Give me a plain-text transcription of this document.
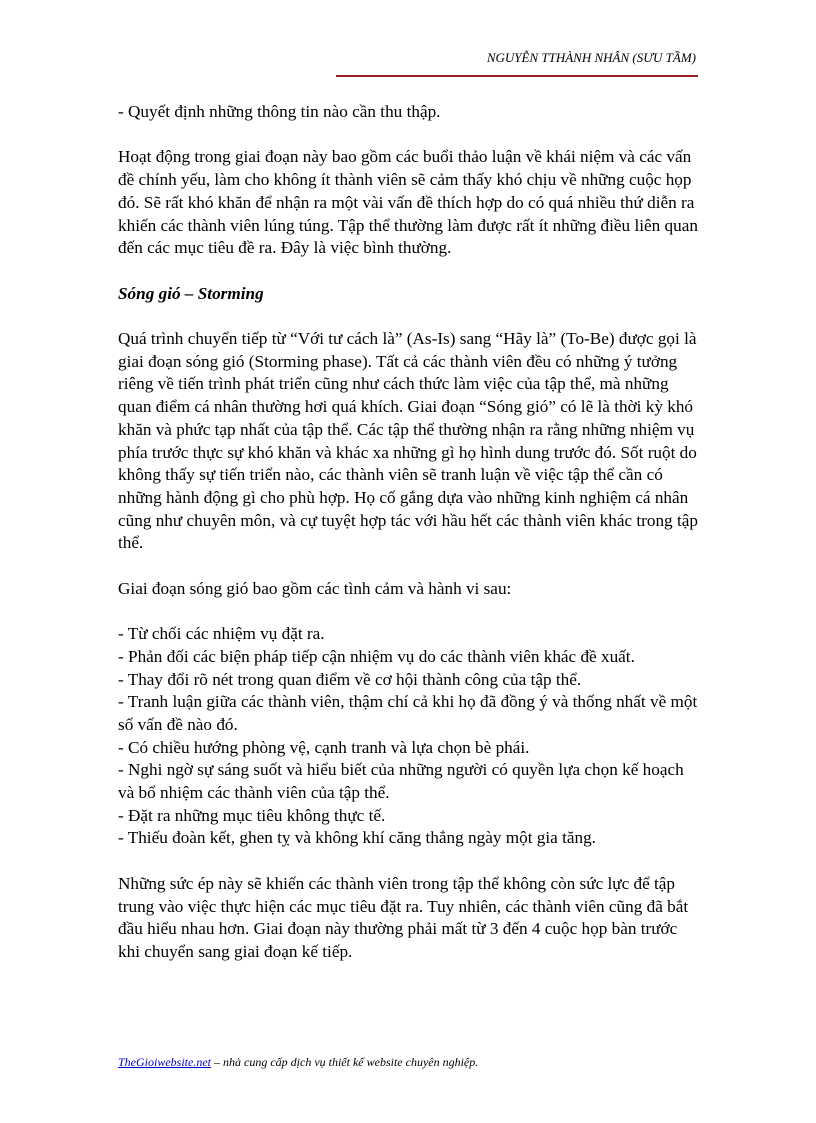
NGUYỄN TTHÀNH NHÂN (SƯU TẦM)

- Quyết định những thông tin nào cần thu thập.

Hoạt động trong giai đoạn này bao gồm các buổi thảo luận về khái niệm và các vấn đề chính yếu, làm cho không ít thành viên sẽ cảm thấy khó chịu về những cuộc họp đó. Sẽ rất khó khăn để nhận ra một vài vấn đề thích hợp do có quá nhiều thứ diễn ra khiến các thành viên lúng túng. Tập thể thường làm được rất ít những điều liên quan đến các mục tiêu đề ra. Đây là việc bình thường.

Sóng gió – Storming

Quá trình chuyển tiếp từ “Với tư cách là” (As-Is) sang “Hãy là” (To-Be) được gọi là giai đoạn sóng gió (Storming phase). Tất cả các thành viên đều có những ý tưởng riêng về tiến trình phát triển cũng như cách thức làm việc của tập thể, mà những quan điểm cá nhân thường hơi quá khích. Giai đoạn “Sóng gió” có lẽ là thời kỳ khó khăn và phức tạp nhất của tập thể. Các tập thể thường nhận ra rằng những nhiệm vụ phía trước thực sự khó khăn và khác xa những gì họ hình dung trước đó. Sốt ruột do không thấy sự tiến triển nào, các thành viên sẽ tranh luận về việc tập thể cần có những hành động gì cho phù hợp. Họ cố gắng dựa vào những kinh nghiệm cá nhân cũng như chuyên môn, và cự tuyệt hợp tác với hầu hết các thành viên khác trong tập thể.

Giai đoạn sóng gió bao gồm các tình cảm và hành vi sau:

- Từ chối các nhiệm vụ đặt ra.

- Phản đối các biện pháp tiếp cận nhiệm vụ do các thành viên khác đề xuất.

- Thay đổi rõ nét trong quan điểm về cơ hội thành công của tập thể.

- Tranh luận giữa các thành viên, thậm chí cả khi họ đã đồng ý và thống nhất về một số vấn đề nào đó.

- Có chiều hướng phòng vệ, cạnh tranh và lựa chọn bè phái.

- Nghi ngờ sự sáng suốt và hiểu biết của những người có quyền lựa chọn kế hoạch và bổ nhiệm các thành viên của tập thể.

- Đặt ra những mục tiêu không thực tế.

- Thiếu đoàn kết, ghen tỵ và không khí căng thẳng ngày một gia tăng.

Những sức ép này sẽ khiến các thành viên trong tập thể không còn sức lực để tập trung vào việc thực hiện các mục tiêu đặt ra. Tuy nhiên, các thành viên cũng đã bắt đầu hiểu nhau hơn. Giai đoạn này thường phải mất từ 3 đến 4 cuộc họp bàn trước khi chuyển sang giai đoạn kế tiếp.

TheGioiwebsite.net – nhà cung cấp dịch vụ thiết kế website chuyên nghiệp.
